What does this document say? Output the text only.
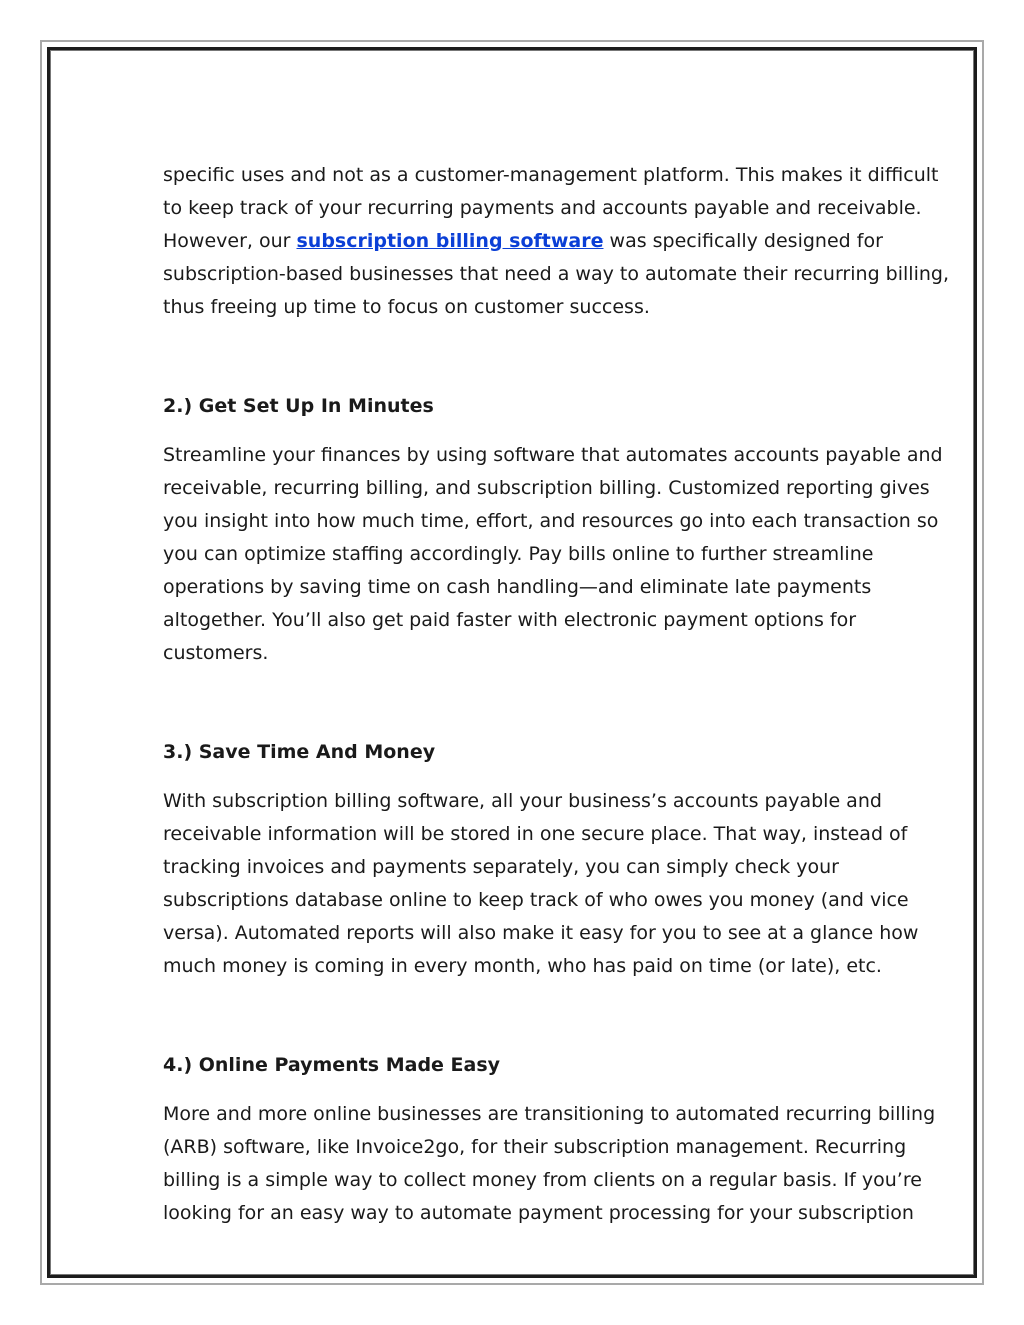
specific uses and not as a customer-management platform. This makes it difficult to keep track of your recurring payments and accounts payable and receivable. However, our subscription billing software was specifically designed for subscription-based businesses that need a way to automate their recurring billing, thus freeing up time to focus on customer success.

2.) Get Set Up In Minutes

Streamline your finances by using software that automates accounts payable and receivable, recurring billing, and subscription billing. Customized reporting gives you insight into how much time, effort, and resources go into each transaction so you can optimize staffing accordingly. Pay bills online to further streamline operations by saving time on cash handling—and eliminate late payments altogether. You’ll also get paid faster with electronic payment options for customers.

3.) Save Time And Money

With subscription billing software, all your business’s accounts payable and receivable information will be stored in one secure place. That way, instead of tracking invoices and payments separately, you can simply check your subscriptions database online to keep track of who owes you money (and vice versa). Automated reports will also make it easy for you to see at a glance how much money is coming in every month, who has paid on time (or late), etc.

4.) Online Payments Made Easy

More and more online businesses are transitioning to automated recurring billing (ARB) software, like Invoice2go, for their subscription management. Recurring billing is a simple way to collect money from clients on a regular basis. If you’re looking for an easy way to automate payment processing for your subscription
